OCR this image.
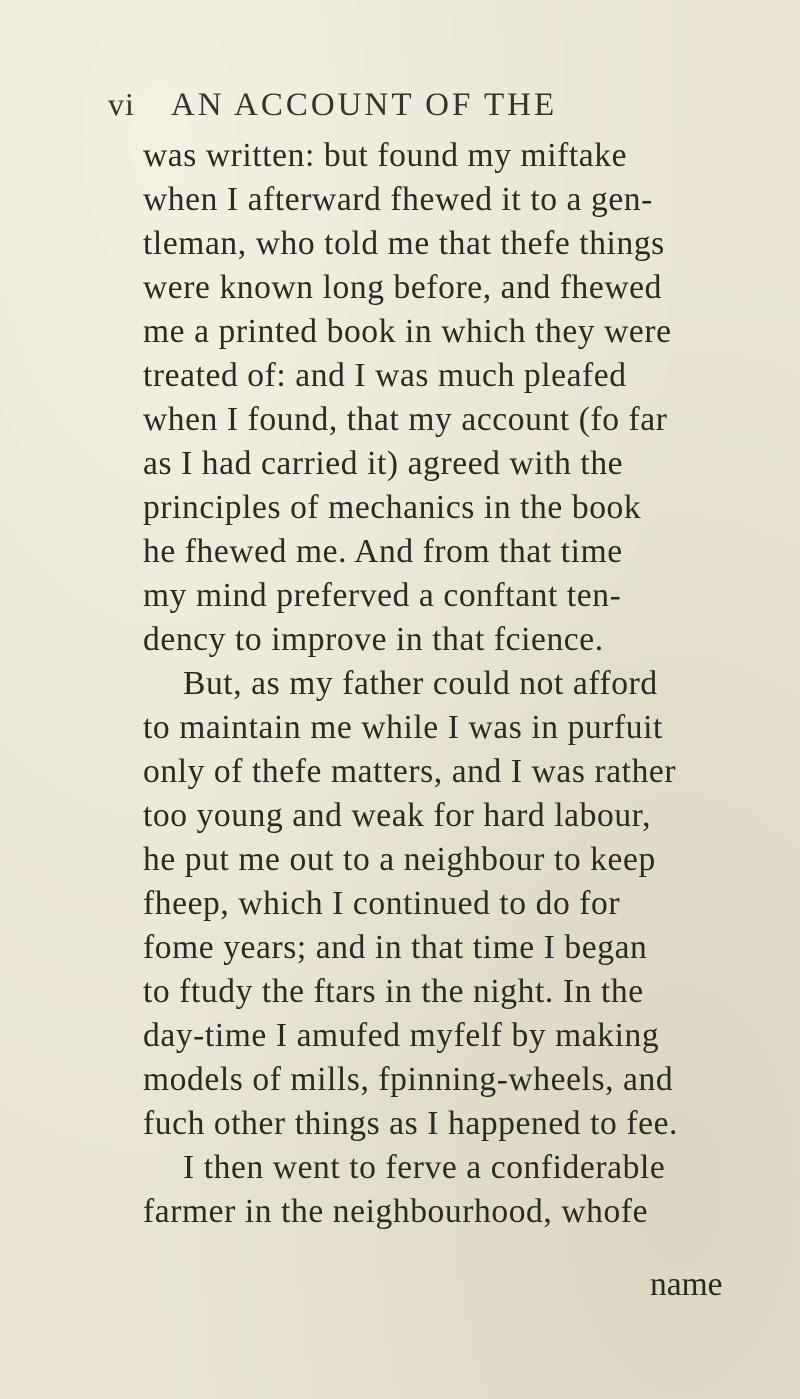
vi AN ACCOUNT OF THE
was written: but found my miftake
when I afterward fhewed it to a gen-
tleman, who told me that thefe things
were known long before, and fhewed
me a printed book in which they were
treated of: and I was much pleafed
when I found, that my account (fo far
as I had carried it) agreed with the
principles of mechanics in the book
he fhewed me. And from that time
my mind preferved a conftant ten-
dency to improve in that fcience.
But, as my father could not afford
to maintain me while I was in purfuit
only of thefe matters, and I was rather
too young and weak for hard labour,
he put me out to a neighbour to keep
fheep, which I continued to do for
fome years; and in that time I began
to ftudy the ftars in the night. In the
day-time I amufed myfelf by making
models of mills, fpinning-wheels, and
fuch other things as I happened to fee.
I then went to ferve a confiderable
farmer in the neighbourhood, whofe
name
